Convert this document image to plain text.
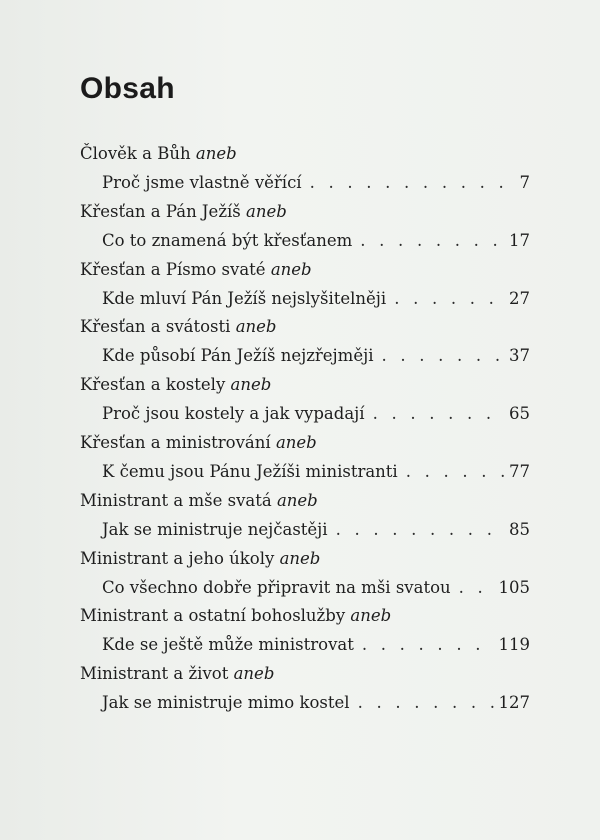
Obsah
Člověk a Bůh aneb
Proč jsme vlastně věřící . . .	7
Křesťan a Pán Ježíš aneb
Co to znamená být křesťanem . . .	17
Křesťan a Písmo svaté aneb
Kde mluví Pán Ježíš nejslyšitelněji . . .	27
Křesťan a svátosti aneb
Kde působí Pán Ježíš nejzřejměji . . .	37
Křesťan a kostely aneb
Proč jsou kostely a jak vypadají . . .	65
Křesťan a ministrování aneb
K čemu jsou Pánu Ježíši ministranti . . .	77
Ministrant a mše svatá aneb
Jak se ministruje nejčastěji . . .	85
Ministrant a jeho úkoly aneb
Co všechno dobře připravit na mši svatou . . .	105
Ministrant a ostatní bohoslužby aneb
Kde se ještě může ministrovat . . .	119
Ministrant a život aneb
Jak se ministruje mimo kostel . . .	127
